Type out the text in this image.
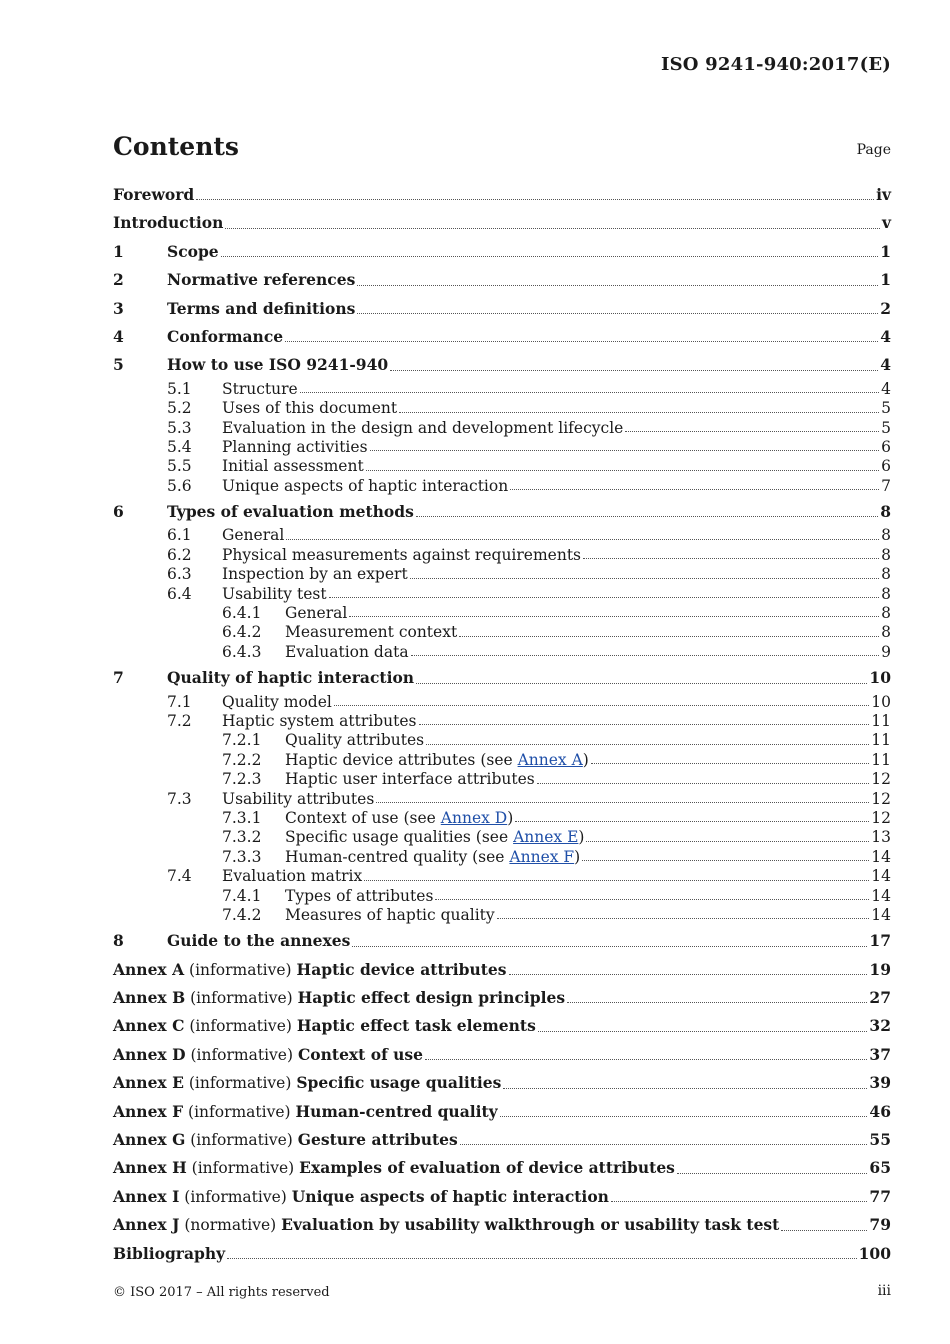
ISO 9241-940:2017(E)
Contents	Page
Foreword	iv
Introduction	v
1	Scope	1
2	Normative references	1
3	Terms and definitions	2
4	Conformance	4
5	How to use ISO 9241-940	4
5.1 Structure	4
5.2 Uses of this document	5
5.3 Evaluation in the design and development lifecycle	5
5.4 Planning activities	6
5.5 Initial assessment	6
5.6 Unique aspects of haptic interaction	7
6	Types of evaluation methods	8
6.1 General	8
6.2 Physical measurements against requirements	8
6.3 Inspection by an expert	8
6.4 Usability test	8
6.4.1 General	8
6.4.2 Measurement context	8
6.4.3 Evaluation data	9
7	Quality of haptic interaction	10
7.1 Quality model	10
7.2 Haptic system attributes	11
7.2.1 Quality attributes	11
7.2.2 Haptic device attributes (see Annex A)	11
7.2.3 Haptic user interface attributes	12
7.3 Usability attributes	12
7.3.1 Context of use (see Annex D)	12
7.3.2 Specific usage qualities (see Annex E)	13
7.3.3 Human-centred quality (see Annex F)	14
7.4 Evaluation matrix	14
7.4.1 Types of attributes	14
7.4.2 Measures of haptic quality	14
8	Guide to the annexes	17
Annex A (informative) Haptic device attributes	19
Annex B (informative) Haptic effect design principles	27
Annex C (informative) Haptic effect task elements	32
Annex D (informative) Context of use	37
Annex E (informative) Specific usage qualities	39
Annex F (informative) Human-centred quality	46
Annex G (informative) Gesture attributes	55
Annex H (informative) Examples of evaluation of device attributes	65
Annex I (informative) Unique aspects of haptic interaction	77
Annex J (normative) Evaluation by usability walkthrough or usability task test	79
Bibliography	100
© ISO 2017 – All rights reserved	iii
